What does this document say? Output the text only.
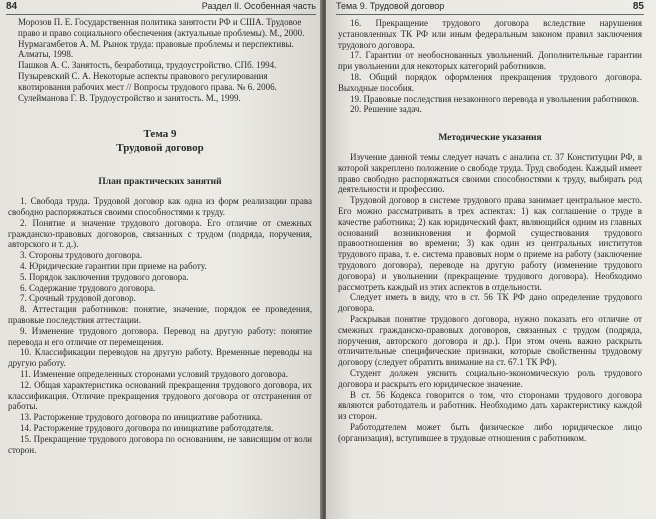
84	Раздел II. Особенная часть

Морозов П. Е. Государственная политика занятости РФ и США. Трудовое право и право социального обеспечения (актуальные проблемы). М., 2000.

Нурмагамбетов А. М. Рынок труда: правовые проблемы и перспективы. Алматы, 1998.

Пашков А. С. Занятость, безработица, трудоустройство. СПб. 1994.

Пузыревский С. А. Некоторые аспекты правового регулирования квотирования рабочих мест // Вопросы трудового права. № 6. 2006.

Сулейманова Г. В. Трудоустройство и занятость. М., 1999.

Тема 9

Трудовой договор

План практических занятий

1. Свобода труда. Трудовой договор как одна из форм реализации права свободно распоряжаться своими способностями к труду.

2. Понятие и значение трудового договора. Его отличие от смежных гражданско-правовых договоров, связанных с трудом (подряда, поручения, авторского и т. д.).

3. Стороны трудового договора.

4. Юридические гарантии при приеме на работу.

5. Порядок заключения трудового договора.

6. Содержание трудового договора.

7. Срочный трудовой договор.

8. Аттестация работников: понятие, значение, порядок ее проведения, правовые последствия аттестации.

9. Изменение трудового договора. Перевод на другую работу: понятие перевода и его отличие от перемещения.

10. Классификации переводов на другую работу. Временные переводы на другую работу.

11. Изменение определенных сторонами условий трудового договора.

12. Общая характеристика оснований прекращения трудового договора, их классификация. Отличие прекращения трудового договора от отстранения от работы.

13. Расторжение трудового договора по инициативе работника.

14. Расторжение трудового договора по инициативе работодателя.

15. Прекращение трудового договора по основаниям, не зависящим от воли сторон.

Тема 9. Трудовой договор	85

16. Прекращение трудового договора вследствие нарушения установленных ТК РФ или иным федеральным законом правил заключения трудового договора.

17. Гарантии от необоснованных увольнений. Дополнительные гарантии при увольнении для некоторых категорий работников.

18. Общий порядок оформления прекращения трудового договора. Выходные пособия.

19. Правовые последствия незаконного перевода и увольнения работников.

20. Решение задач.

Методические указания

Изучение данной темы следует начать с анализа ст. 37 Конституции РФ, в которой закреплено положение о свободе труда. Труд свободен. Каждый имеет право свободно распоряжаться своими способностями к труду, выбирать род деятельности и профессию.

Трудовой договор в системе трудового права занимает центральное место. Его можно рассматривать в трех аспектах: 1) как соглашение о труде в качестве работника; 2) как юридический факт, являющийся одним из главных оснований возникновения и формой существования трудового правоотношения во времени; 3) как один из центральных институтов трудового права, т. е. система правовых норм о приеме на работу (заключение трудового договора), переводе на другую работу (изменение трудового договора) и увольнении (прекращение трудового договора). Необходимо рассмотреть каждый из этих аспектов в отдельности.

Следует иметь в виду, что в ст. 56 ТК РФ дано определение трудового договора.

Раскрывая понятие трудового договора, нужно показать его отличие от смежных гражданско-правовых договоров, связанных с трудом (подряда, поручения, авторского договора и др.). При этом очень важно раскрыть отличительные специфические признаки, которые свойственны трудовому договору (следует обратить внимание на ст. 67.1 ТК РФ).

Студент должен уяснить социально-экономическую роль трудового договора и раскрыть его юридическое значение.

В ст. 56 Кодекса говорится о том, что сторонами трудового договора являются работодатель и работник. Необходимо дать характеристику каждой из сторон.

Работодателем может быть физическое либо юридическое лицо (организация), вступившее в трудовые отношения с работником.
